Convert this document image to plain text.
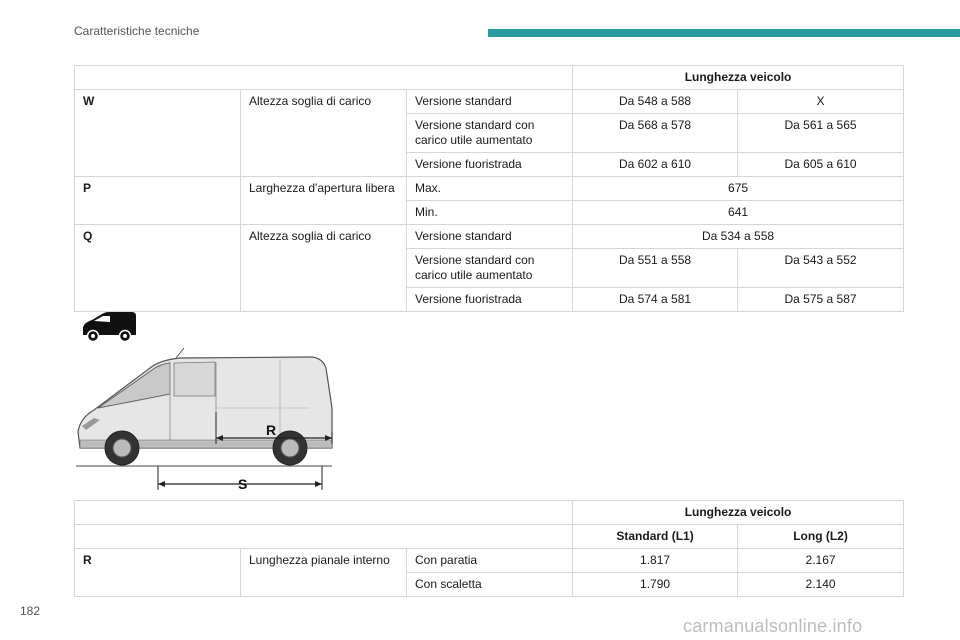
Caratteristiche tecniche
			Lunghezza veicolo	
W	Altezza soglia di carico	Versione standard	Da 548 a 588	X
		Versione standard con carico utile aumentato	Da 568 a 578	Da 561 a 565
		Versione fuoristrada	Da 602 a 610	Da 605 a 610
P	Larghezza d'apertura libera	Max.	675	
		Min.	641	
Q	Altezza soglia di carico	Versione standard	Da 534 a 558	
		Versione standard con carico utile aumentato	Da 551 a 558	Da 543 a 552
		Versione fuoristrada	Da 574 a 581	Da 575 a 587
R
S
			Lunghezza veicolo	
			Standard (L1)	Long (L2)
R	Lunghezza pianale interno	Con paratia	1.817	2.167
		Con scaletta	1.790	2.140
182
carmanualsonline.info
